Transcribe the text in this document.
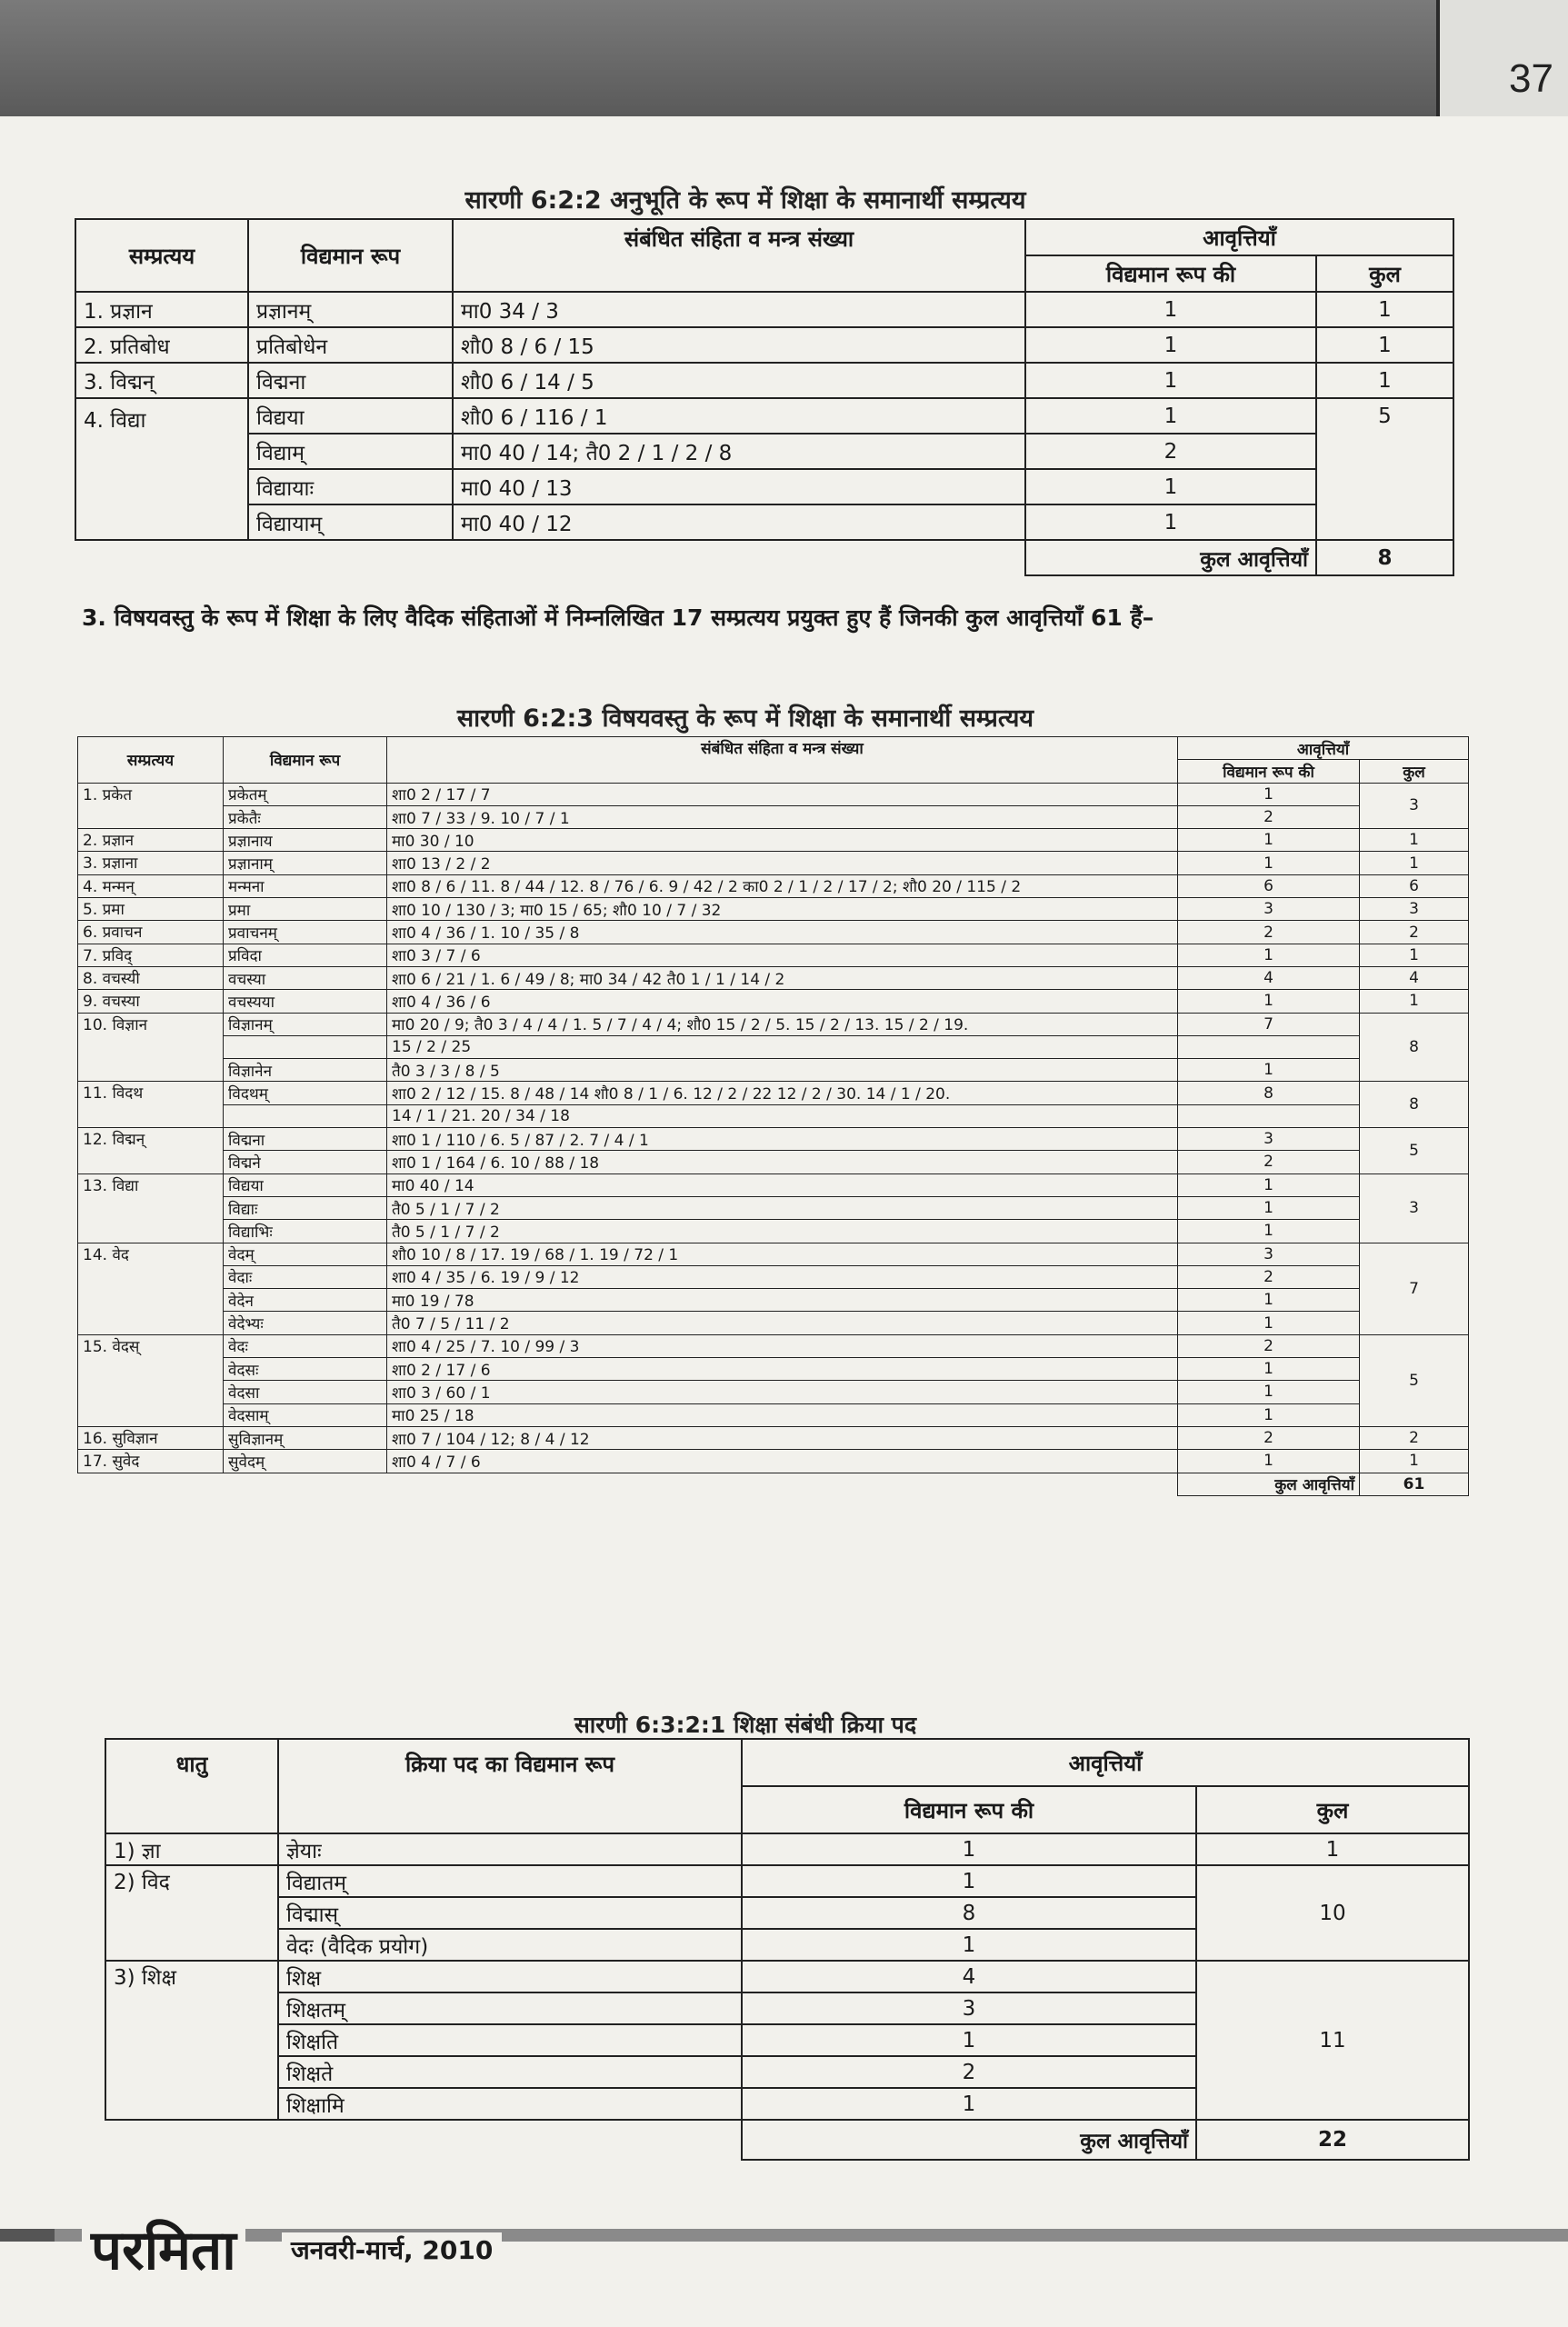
37
सारणी 6:2:2 अनुभूति के रूप में शिक्षा के समानार्थी सम्प्रत्यय
सम्प्रत्यय	विद्यमान रूप	संबंधित संहिता व मन्त्र संख्या	आवृत्तियाँ	
			विद्यमान रूप की	कुल
1. प्रज्ञान	प्रज्ञानम्	मा0 34 / 3	1	1
2. प्रतिबोध	प्रतिबोधेन	शौ0 8 / 6 / 15	1	1
3. विद्मन्	विद्मना	शौ0 6 / 14 / 5	1	1
4. विद्या	विद्यया	शौ0 6 / 116 / 1	1	5
	विद्याम्	मा0 40 / 14; तै0 2 / 1 / 2 / 8	2	
	विद्यायाः	मा0 40 / 13	1	
	विद्यायाम्	मा0 40 / 12	1	
			कुल आवृत्तियाँ	8
3. विषयवस्तु के रूप में शिक्षा के लिए वैदिक संहिताओं में निम्नलिखित 17 सम्प्रत्यय प्रयुक्त हुए हैं जिनकी कुल आवृत्तियाँ 61 हैं–
सारणी 6:2:3 विषयवस्तु के रूप में शिक्षा के समानार्थी सम्प्रत्यय
सम्प्रत्यय	विद्यमान रूप	संबंधित संहिता व मन्त्र संख्या	आवृत्तियाँ	
			विद्यमान रूप की	कुल
1. प्रकेत	प्रकेतम्	शा0 2 / 17 / 7	1	3
	प्रकेतैः	शा0 7 / 33 / 9. 10 / 7 / 1	2	
2. प्रज्ञान	प्रज्ञानाय	मा0 30 / 10	1	1
3. प्रज्ञाना	प्रज्ञानाम्	शा0 13 / 2 / 2	1	1
4. मन्मन्	मन्मना	शा0 8 / 6 / 11. 8 / 44 / 12. 8 / 76 / 6. 9 / 42 / 2 का0 2 / 1 / 2 / 17 / 2; शौ0 20 / 115 / 2	6	6
5. प्रमा	प्रमा	शा0 10 / 130 / 3; मा0 15 / 65; शौ0 10 / 7 / 32	3	3
6. प्रवाचन	प्रवाचनम्	शा0 4 / 36 / 1. 10 / 35 / 8	2	2
7. प्रविद्	प्रविदा	शा0 3 / 7 / 6	1	1
8. वचस्यी	वचस्या	शा0 6 / 21 / 1. 6 / 49 / 8; मा0 34 / 42 तै0 1 / 1 / 14 / 2	4	4
9. वचस्या	वचस्यया	शा0 4 / 36 / 6	1	1
10. विज्ञान	विज्ञानम्	मा0 20 / 9; तै0 3 / 4 / 4 / 1. 5 / 7 / 4 / 4; शौ0 15 / 2 / 5. 15 / 2 / 13. 15 / 2 / 19.	7	8
		15 / 2 / 25		
	विज्ञानेन	तै0 3 / 3 / 8 / 5	1	
11. विदथ	विदथम्	शा0 2 / 12 / 15. 8 / 48 / 14 शौ0 8 / 1 / 6. 12 / 2 / 22 12 / 2 / 30. 14 / 1 / 20.	8	8
		14 / 1 / 21. 20 / 34 / 18		
12. विद्मन्	विद्मना	शा0 1 / 110 / 6. 5 / 87 / 2. 7 / 4 / 1	3	5
	विद्मने	शा0 1 / 164 / 6. 10 / 88 / 18	2	
13. विद्या	विद्यया	मा0 40 / 14	1	3
	विद्याः	तै0 5 / 1 / 7 / 2	1	
	विद्याभिः	तै0 5 / 1 / 7 / 2	1	
14. वेद	वेदम्	शौ0 10 / 8 / 17. 19 / 68 / 1. 19 / 72 / 1	3	7
	वेदाः	शा0 4 / 35 / 6. 19 / 9 / 12	2	
	वेदेन	मा0 19 / 78	1	
	वेदेभ्यः	तै0 7 / 5 / 11 / 2	1	
15. वेदस्	वेदः	शा0 4 / 25 / 7. 10 / 99 / 3	2	5
	वेदसः	शा0 2 / 17 / 6	1	
	वेदसा	शा0 3 / 60 / 1	1	
	वेदसाम्	मा0 25 / 18	1	
16. सुविज्ञान	सुविज्ञानम्	शा0 7 / 104 / 12; 8 / 4 / 12	2	2
17. सुवेद	सुवेदम्	शा0 4 / 7 / 6	1	1
			कुल आवृत्तियाँ	61
सारणी 6:3:2:1 शिक्षा संबंधी क्रिया पद
धातु	क्रिया पद का विद्यमान रूप	आवृत्तियाँ	
		विद्यमान रूप की	कुल
1) ज्ञा	ज्ञेयाः	1	1
2) विद	विद्यातम्	1	10
	विद्मास्	8	
	वेदः (वैदिक प्रयोग)	1	
3) शिक्ष	शिक्ष	4	11
	शिक्षतम्	3	
	शिक्षति	1	
	शिक्षते	2	
	शिक्षामि	1	
		कुल आवृत्तियाँ	22
परमिता	जनवरी-मार्च, 2010
